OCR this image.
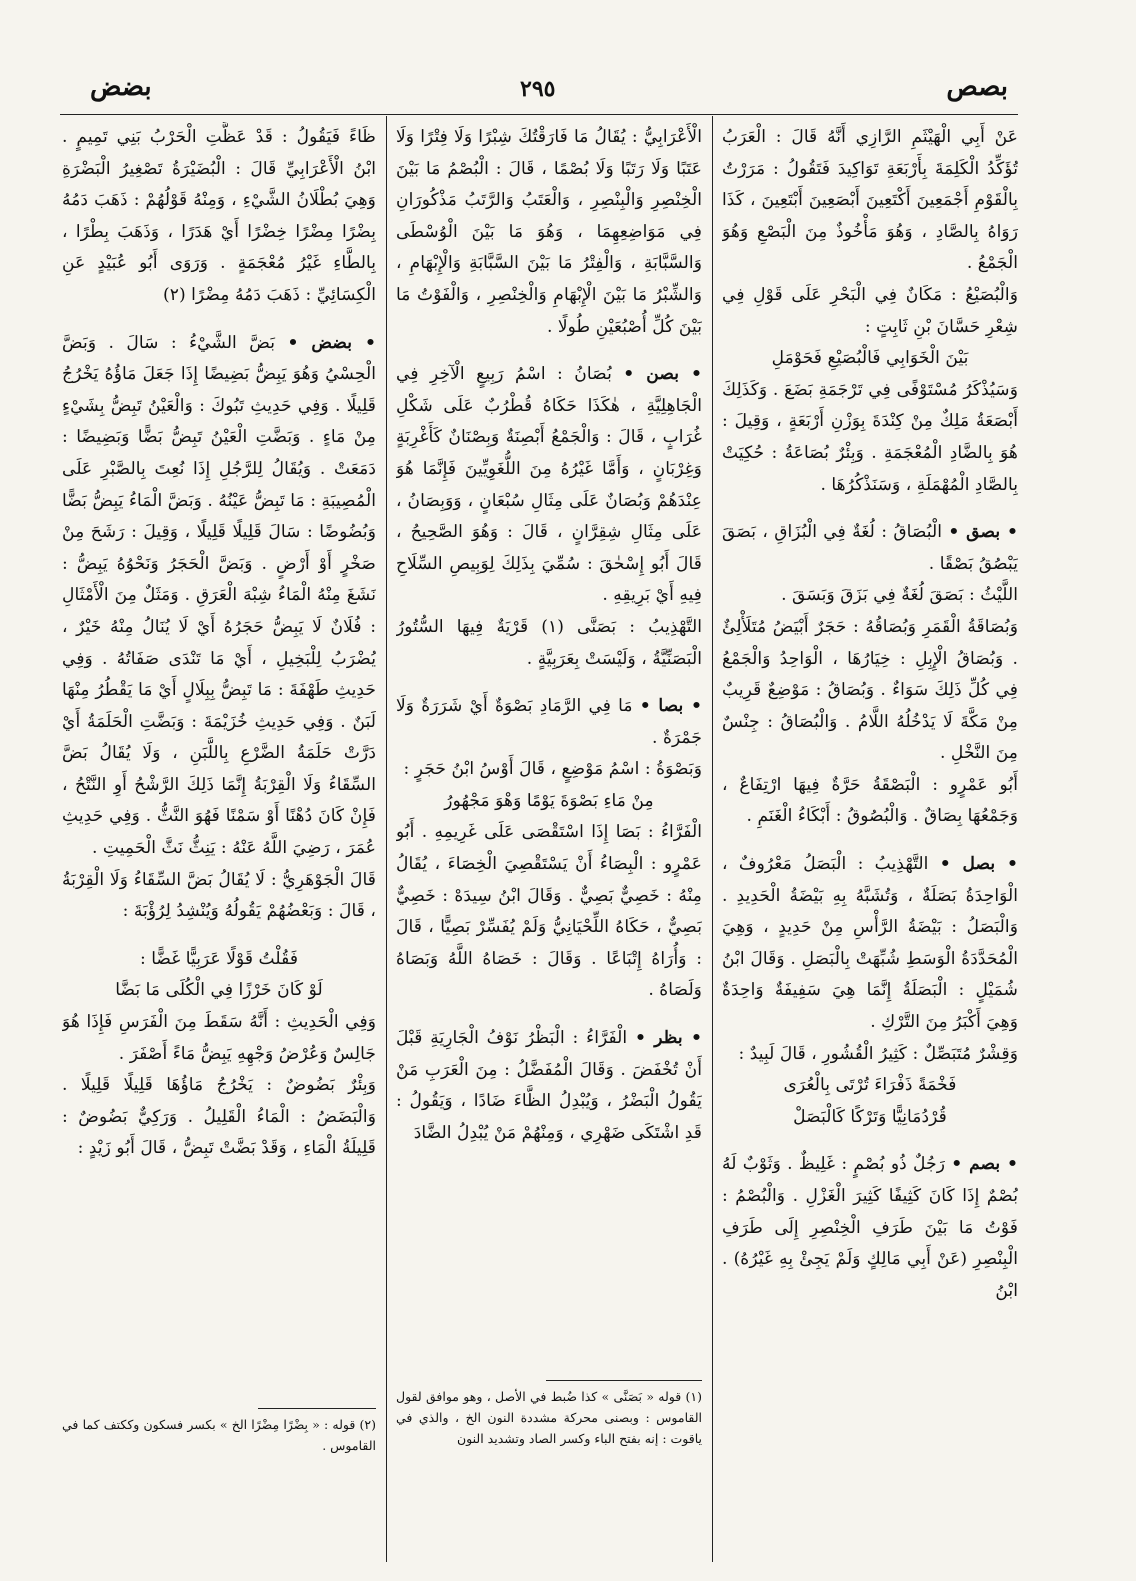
بصص
٢٩٥
بضض

عَنْ أَبِي الْهَيْثَمِ الرَّازِي أَنَّهُ قَالَ : الْعَرَبُ تُؤَكِّدُ الْكَلِمَةَ بِأَرْبَعَةِ تَوَاكِيدَ فَتَقُولُ : مَرَرْتُ بِالْقَوْمِ أَجْمَعِينَ أَكْتَعِينَ أَبْصَعِينَ أَبْتَعِينَ ، كَذَا رَوَاهُ بِالصَّادِ ، وَهُوَ مَأْخُوذٌ مِنَ الْبَصْعِ وَهُوَ الْجَمْعُ .

وَالْبُصَيْعُ : مَكَانٌ فِي الْبَحْرِ عَلَى قَوْلِ فِي شِعْرِ حَسَّانَ بْنِ ثَابِتٍ :

بَيْنَ الْخَوَابِي فَالْبُصَيْعِ فَحَوْمَلِ

وَسَيُذْكَرُ مُسْتَوْفًى فِي تَرْجَمَةِ بَضَعَ . وَكَذَلِكَ أَبْصَعَةُ مَلِكٌ مِنْ كِنْدَةَ بِوَزْنِ أَرْبَعَةٍ ، وَقِيلَ : هُوَ بِالضَّادِ الْمُعْجَمَةِ . وَبِئْرٌ بُصَاعَةُ : حُكِيَتْ بِالصَّادِ الْمُهْمَلَةِ ، وَسَنَذْكُرُهَا .

• بصق • الْبُصَاقُ : لُغَةٌ فِي الْبُزَاقِ ، بَصَقَ يَبْصُقُ بَصْقًا .

اللَّيْثُ : بَصَقَ لُغَةٌ فِي بَزَقَ وَبَسَقَ .

وَبُصَاقَةُ الْقَمَرِ وَبُصَاقُهُ : حَجَرٌ أَبْيَضُ مُتَلَأْلِئٌ . وَبُصَاقُ الْإِبِلِ : خِيَارُهَا ، الْوَاحِدُ وَالْجَمْعُ فِي كُلِّ ذَلِكَ سَوَاءٌ . وَبُصَاقُ : مَوْضِعٌ قَرِيبٌ مِنْ مَكَّةَ لَا يَدْخُلُهُ اللَّامُ . وَالْبُصَاقُ : جِنْسٌ مِنَ النَّخْلِ .

أَبُو عَمْرٍو : الْبَصْقَةُ حَرَّةٌ فِيهَا ارْتِفَاعٌ ، وَجَمْعُهَا بِصَاقٌ . وَالْبُصُوقُ : أَبْكَاءُ الْغَنَمِ .

• بصل • التَّهْذِيبُ : الْبَصَلُ مَعْرُوفٌ ، الْوَاحِدَةُ بَصَلَةٌ ، وَتُشَبَّهُ بِهِ بَيْضَةُ الْحَدِيدِ . وَالْبَصَلُ : بَيْضَةُ الرَّأْسِ مِنْ حَدِيدٍ ، وَهِيَ الْمُحَدَّدَةُ الْوَسَطِ شُبِّهَتْ بِالْبَصَلِ . وَقَالَ ابْنُ شُمَيْلٍ : الْبَصَلَةُ إِنَّمَا هِيَ سَفِيفَةٌ وَاحِدَةٌ وَهِيَ أَكْبَرُ مِنَ التَّرْكِ .

وَقِشْرٌ مُتَبَصِّلٌ : كَثِيرُ الْقُشُورِ ، قَالَ لَبِيدٌ :

فَخْمَةً ذَفْرَاءَ تُرْتَى بِالْعُرَى

قُرْدُمَانِيًّا وَتَرْكًا كَالْبَصَلْ

• بصم • رَجُلٌ ذُو بُصْمٍ : غَلِيظٌ . وَثَوْبٌ لَهُ بُصْمٌ إِذَا كَانَ كَثِيفًا كَثِيرَ الْغَزْلِ . وَالْبُصْمُ : فَوْتُ مَا بَيْنَ طَرَفِ الْخِنْصِرِ إِلَى طَرَفِ الْبِنْصِرِ (عَنْ أَبِي مَالِكٍ وَلَمْ يَجِئْ بِهِ غَيْرُهُ) . ابْنُ

الْأَعْرَابِيُّ : يُقَالُ مَا فَارَقْتُكَ شِبْرًا وَلَا فِتْرًا وَلَا عَتَبًا وَلَا رَتَبًا وَلَا بُصْمًا ، قَالَ : الْبُصْمُ مَا بَيْنَ الْخِنْصِرِ وَالْبِنْصِرِ ، وَالْعَتَبُ وَالرَّتَبُ مَذْكُورَانِ فِي مَوَاضِعِهِمَا ، وَهُوَ مَا بَيْنَ الْوُسْطَى وَالسَّبَّابَةِ ، وَالْفِتْرُ مَا بَيْنَ السَّبَّابَةِ وَالْإِبْهَامِ ، وَالشِّبْرُ مَا بَيْنَ الْإِبْهَامِ وَالْخِنْصِرِ ، وَالْفَوْتُ مَا بَيْنَ كُلِّ أُصْبُعَيْنِ طُولًا .

• بصن • بُصَانُ : اسْمُ رَبِيعٍ الْآخِرِ فِي الْجَاهِلِيَّةِ ، هٰكَذَا حَكَاهُ قُطْرُبٌ عَلَى شَكْلِ غُرَابٍ ، قَالَ : وَالْجَمْعُ أَبْصِنَةٌ وَبِصْنَانٌ كَأَغْرِبَةٍ وَغِرْبَانٍ ، وَأَمَّا غَيْرُهُ مِنَ اللُّغَوِيِّينَ فَإِنَّمَا هُوَ عِنْدَهُمْ وَبُصَانٌ عَلَى مِثَالِ سُبْعَانٍ ، وَوَبِصَانُ ، عَلَى مِثَالِ شِقِرَّانٍ ، قَالَ : وَهُوَ الصَّحِيحُ ، قَالَ أَبُو إِسْحٰقَ : سُمِّيَ بِذَلِكَ لِوَبِيصِ السِّلَاحِ فِيهِ أَيْ بَرِيقِهِ .

التَّهْذِيبُ : بَصَنَّى (١) قَرْيَةٌ فِيهَا السُّتُورُ الْبَصَنِّيَّةُ ، وَلَيْسَتْ بِعَرَبِيَّةٍ .

• بصا • مَا فِي الرَّمَادِ بَصْوَةٌ أَيْ شَرَرَةٌ وَلَا جَمْرَةٌ .

وَبَصْوَةُ : اسْمُ مَوْضِعٍ ، قَالَ أَوْسُ ابْنُ حَجَرٍ :

مِنْ مَاءِ بَصْوَةَ يَوْمًا وَهْوَ مَجْهُورُ

الْفَرَّاءُ : بَصَا إِذَا اسْتَقْصَى عَلَى غَرِيمِهِ . أَبُو عَمْرٍو : الْبِصَاءُ أَنْ يَسْتَقْصِيَ الْخِصَاءَ ، يُقَالُ مِنْهُ : خَصِيٌّ بَصِيٌّ . وَقَالَ ابْنُ سِيدَهْ : خَصِيٌّ بَصِيٌّ ، حَكَاهُ اللِّحْيَانِيُّ وَلَمْ يُفَسِّرْ بَصِيًّا ، قَالَ : وَأُرَاهُ إِتْبَاعًا . وَقَالَ : خَصَاهُ اللَّهُ وَبَصَاهُ وَلَصَاهُ .

• بظر • الْفَرَّاءُ : الْبَظْرُ نَوْفُ الْجَارِيَةِ قَبْلَ أَنْ تُخْفَضَ . وَقَالَ الْمُفَضَّلُ : مِنَ الْعَرَبِ مَنْ يَقُولُ الْبَضْرُ ، وَيُبْدِلُ الظَّاءَ ضَادًا ، وَيَقُولُ : قَدِ اشْتَكَى ضَهْرِي ، وَمِنْهُمْ مَنْ يُبْدِلُ الضَّادَ

ظَاءً فَيَقُولُ : قَدْ عَظَّتِ الْحَرْبُ بَنِي تَمِيمٍ . ابْنُ الْأَعْرَابِيِّ قَالَ : الْبُضَيْرَةُ تَصْغِيرُ الْبَضْرَةِ وَهِيَ بُطْلَانُ الشَّيْءِ ، وَمِنْهُ قَوْلُهُمْ : ذَهَبَ دَمُهُ بِضْرًا مِضْرًا خِضْرًا أَيْ هَدَرًا ، وَذَهَبَ بِطْرًا ، بِالطَّاءِ غَيْرُ مُعْجَمَةٍ . وَرَوَى أَبُو عُبَيْدٍ عَنِ الْكِسَائِيِّ : ذَهَبَ دَمُهُ مِضْرًا (٢)

• بضض • بَضَّ الشَّيْءُ : سَالَ . وَبَضَّ الْحِسْيُ وَهُوَ يَبِضُّ بَضِيضًا إِذَا جَعَلَ مَاؤُهُ يَخْرُجُ قَلِيلًا . وَفِي حَدِيثِ تَبُوكَ : وَالْعَيْنُ تَبِضُّ بِشَيْءٍ مِنْ مَاءٍ . وَبَضَّتِ الْعَيْنُ تَبِضُّ بَضًّا وَبَضِيضًا : دَمَعَتْ . وَيُقَالُ لِلرَّجُلِ إِذَا نُعِتَ بِالصَّبْرِ عَلَى الْمُصِيبَةِ : مَا تَبِضُّ عَيْنُهُ . وَبَضَّ الْمَاءُ يَبِضُّ بَضًّا وَبُضُوضًا : سَالَ قَلِيلًا قَلِيلًا ، وَقِيلَ : رَشَحَ مِنْ صَخْرٍ أَوْ أَرْضٍ . وَبَضَّ الْحَجَرُ وَنَحْوُهُ يَبِضُّ : نَشَغَ مِنْهُ الْمَاءُ شِبْهَ الْعَرَقِ . وَمَثَلٌ مِنَ الْأَمْثَالِ : فُلَانٌ لَا يَبِضُّ حَجَرُهُ أَيْ لَا يُنَالُ مِنْهُ خَيْرٌ ، يُضْرَبُ لِلْبَخِيلِ ، أَيْ مَا تَنْدَى صَفَاتُهُ . وَفِي حَدِيثِ طَهْفَةَ : مَا تَبِضُّ بِبِلَالٍ أَيْ مَا يَقْطُرُ مِنْهَا لَبَنٌ . وَفِي حَدِيثِ خُزَيْمَةَ : وَبَضَّتِ الْحَلَمَةُ أَيْ دَرَّتْ حَلَمَةُ الضَّرْعِ بِاللَّبَنِ ، وَلَا يُقَالُ بَضَّ السِّقَاءُ وَلَا الْقِرْبَةُ إِنَّمَا ذَلِكَ الرَّشْحُ أَوِ النَّتْحُ ، فَإِنْ كَانَ دُهْنًا أَوْ سَمْنًا فَهُوَ النَّثُّ . وَفِي حَدِيثِ عُمَرَ ، رَضِيَ اللَّهُ عَنْهُ : يَنِثُّ نَثَّ الْحَمِيتِ .

قَالَ الْجَوْهَرِيُّ : لَا يُقَالُ بَضَّ السِّقَاءُ وَلَا الْقِرْبَةُ ، قَالَ : وَبَعْضُهُمْ يَقُولُهُ وَيُنْشِدُ لِرُؤْبَةَ :

فَقُلْتُ قَوْلًا عَرَبِيًّا غَضًّا :

لَوْ كَانَ خَرْزًا فِي الْكُلَى مَا بَضَّا

وَفِي الْحَدِيثِ : أَنَّهُ سَقَطَ مِنَ الْفَرَسِ فَإِذَا هُوَ جَالِسٌ وَعُرْضُ وَجْهِهِ يَبِضُّ مَاءً أَصْفَرَ .

وَبِئْرٌ بَضُوضٌ : يَخْرُجُ مَاؤُهَا قَلِيلًا قَلِيلًا . وَالْبَضَضُ : الْمَاءُ الْقَلِيلُ . وَرَكِيٌّ بَضُوضٌ : قَلِيلَةُ الْمَاءِ ، وَقَدْ بَضَّتْ تَبِضُّ ، قَالَ أَبُو زَيْدٍ :

(١) قوله « بَصَنَّى » كذا ضُبط في الأصل ، وهو موافق لقول القاموس : وبصنى محركة مشددة النون الخ ، والذي في ياقوت : إنه بفتح الباء وكسر الصاد وتشديد النون
(٢) قوله : « بِضْرًا مِضْرًا الخ » بكسر فسكون وككتف كما في القاموس .
